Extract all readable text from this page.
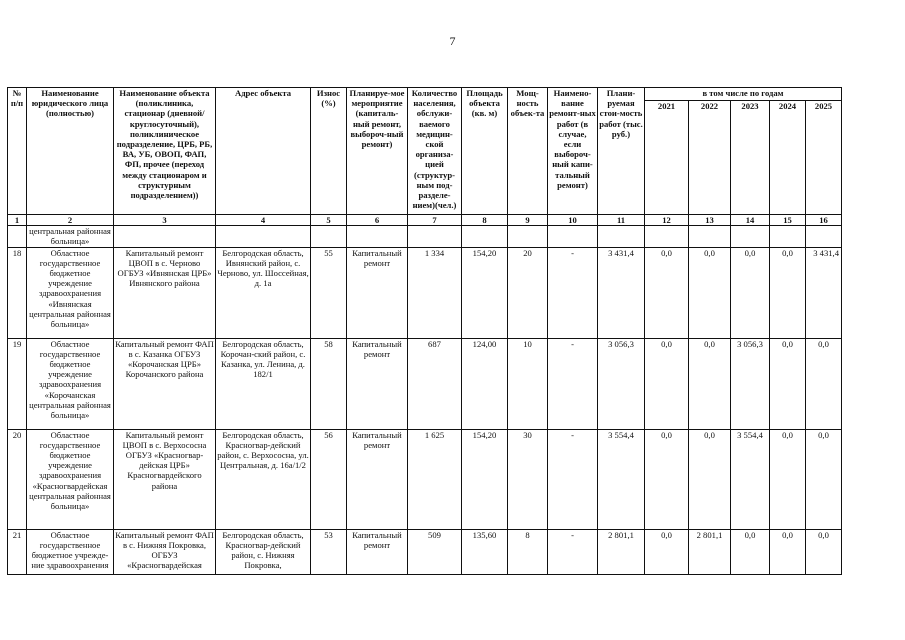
7
№ п/п	Наименование юридического лица (полностью)	Наименование объекта (поликлиника, стационар (дневной/ круглосуточный), поликлиническое подразделение, ЦРБ, РБ, ВА, УБ, ОВОП, ФАП, ФП, прочее (переход между стационаром и структурным подразделением))	Адрес объекта	Износ (%)	Планируе-мое мероприятие (капиталь-ный ремонт, выбороч-ный ремонт)	Количество населения, обслужи-ваемого медицин-ской организа-цией (структур-ным под-разделе-нием)(чел.)	Площадь объекта (кв. м)	Мощ-ность объек-та	Наимено-вание ремонт-ных работ (в случае, если выбороч-ный капи-тальный ремонт)	Плани-руемая стои-мость работ (тыс. руб.)	в том числе по годам				
											2021	2022	2023	2024	2025
1	2	3	4	5	6	7	8	9	10	11	12	13	14	15	16
	центральная районная больница»														
18	Областное государственное бюджетное учреждение здравоохранения «Ивнянская центральная районная больница»	Капитальный ремонт ЦВОП в с. Черново ОГБУЗ «Ивнянская ЦРБ» Ивнянского района	Белгородская область, Ивнянский район, с. Черново, ул. Шоссейная, д. 1а	55	Капитальный ремонт	1 334	154,20	20	-	3 431,4	0,0	0,0	0,0	0,0	3 431,4
19	Областное государственное бюджетное учреждение здравоохранения «Корочанская центральная районная больница»	Капитальный ремонт ФАП в с. Казанка ОГБУЗ «Корочанская ЦРБ» Корочанского района	Белгородская область, Корочан-ский район, с. Казанка, ул. Ленина, д. 182/1	58	Капитальный ремонт	687	124,00	10	-	3 056,3	0,0	0,0	3 056,3	0,0	0,0
20	Областное государственное бюджетное учреждение здравоохранения «Красногвардейская центральная районная больница»	Капитальный ремонт ЦВОП в с. Верхососна ОГБУЗ «Красногвар-дейская ЦРБ» Красногвардейского района	Белгородская область, Красногвар-дейский район, с. Верхососна, ул. Центральная, д. 16а/1/2	56	Капитальный ремонт	1 625	154,20	30	-	3 554,4	0,0	0,0	3 554,4	0,0	0,0
21	Областное государственное бюджетное учрежде-ние здравоохранения	Капитальный ремонт ФАП в с. Нижняя Покровка, ОГБУЗ «Красногвардейская	Белгородская область, Красногвар-дейский район, с. Нижняя Покровка,	53	Капитальный ремонт	509	135,60	8	-	2 801,1	0,0	2 801,1	0,0	0,0	0,0
